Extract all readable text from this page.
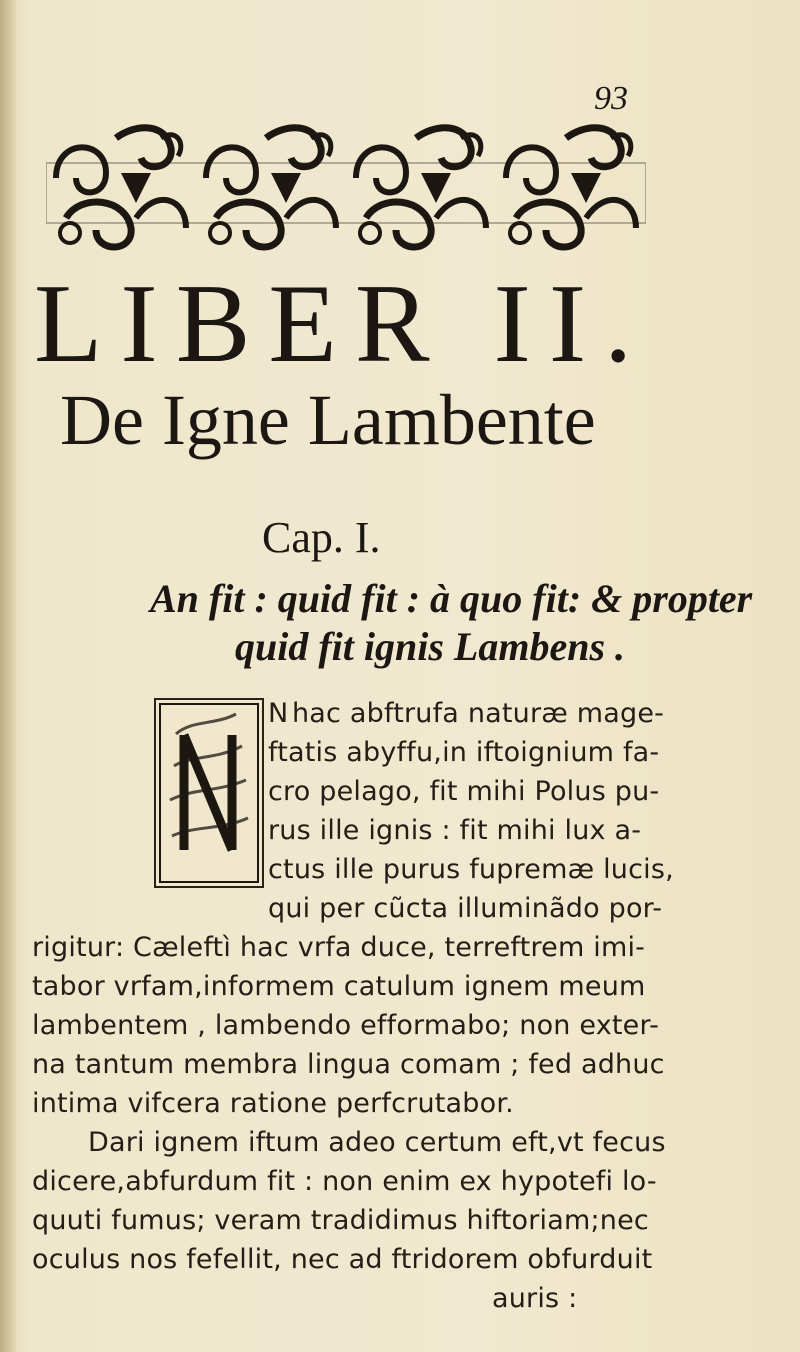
93
LIBER II.
De Igne Lambente
Cap. I.
An fit : quid fit : à quo fit: & propter
quid fit ignis Lambens .
N hac abftrufa naturæ mage-
ftatis abyffu,in iftoignium fa-
cro pelago, fit mihi Polus pu-
rus ille ignis : fit mihi lux a-
ctus ille purus fupremæ lucis,
qui per cũcta illuminãdo por-
rigitur: Cæleftì hac vrfa duce, terreftrem imi-
tabor vrfam,informem catulum ignem meum
lambentem , lambendo efformabo; non exter-
na tantum membra lingua comam ; fed adhuc
intima vifcera ratione perfcrutabor.
Dari ignem iftum adeo certum eft,vt fecus
dicere,abfurdum fit : non enim ex hypotefi lo-
quuti fumus; veram tradidimus hiftoriam;nec
oculus nos fefellit, nec ad ftridorem obfurduit
auris :
